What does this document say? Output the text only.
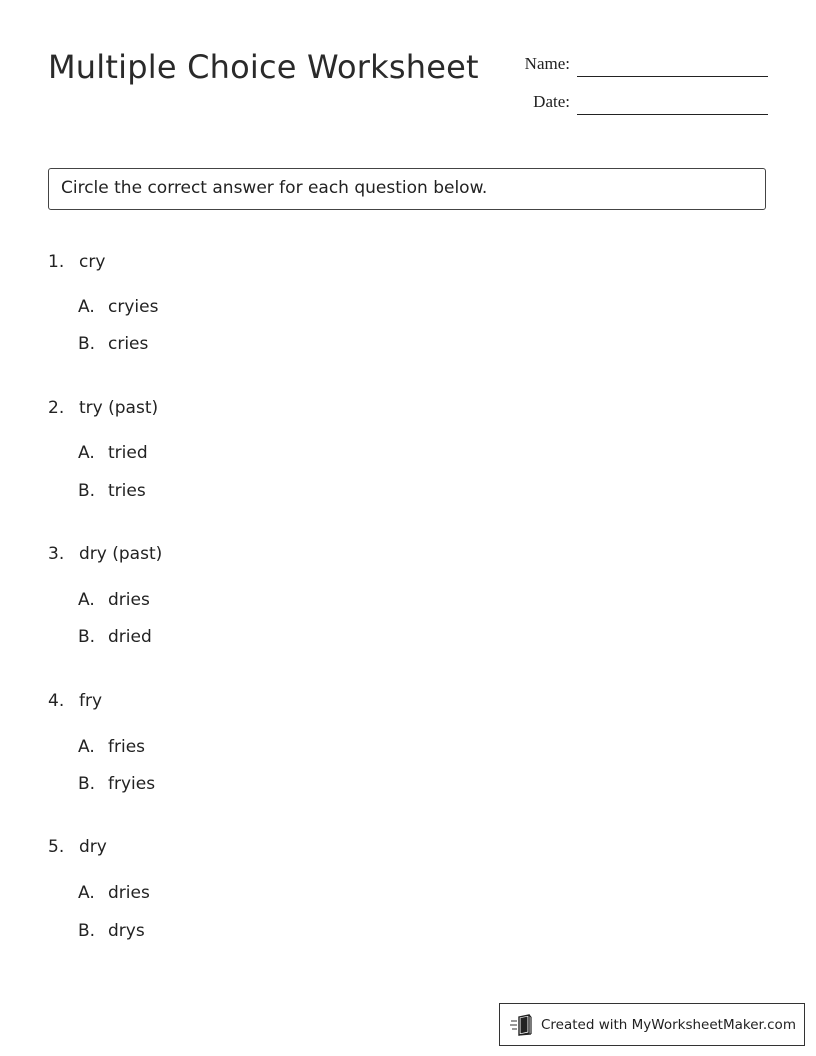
Multiple Choice Worksheet	Name:
Date:
Circle the correct answer for each question below.
1. cry
A. cryies
B. cries
2. try (past)
A. tried
B. tries
3. dry (past)
A. dries
B. dried
4. fry
A. fries
B. fryies
5. dry
A. dries
B. drys
Created with MyWorksheetMaker.com
